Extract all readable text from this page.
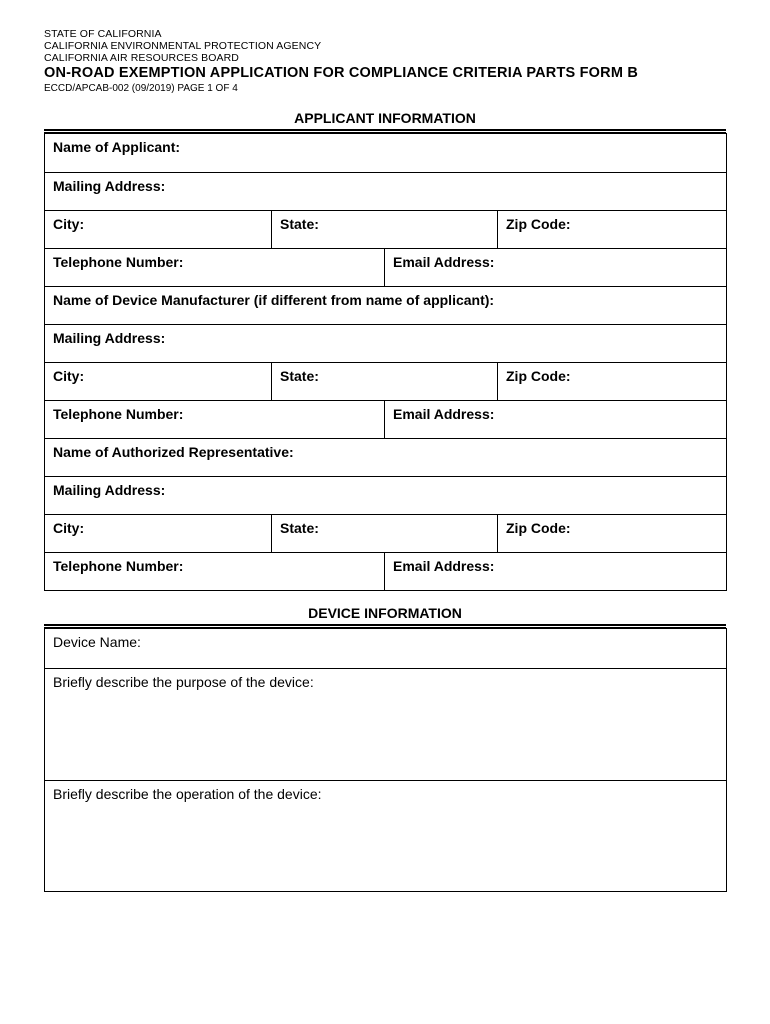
STATE OF CALIFORNIA
CALIFORNIA ENVIRONMENTAL PROTECTION AGENCY
CALIFORNIA AIR RESOURCES BOARD
ON-ROAD EXEMPTION APPLICATION FOR COMPLIANCE CRITERIA PARTS FORM B
ECCD/APCAB-002 (09/2019) PAGE 1 OF 4
APPLICANT INFORMATION
Name of Applicant:			
Mailing Address:			
City:	State:		Zip Code:
Telephone Number:		Email Address:	
Name of Device Manufacturer (if different from name of applicant):			
Mailing Address:			
City:	State:		Zip Code:
Telephone Number:		Email Address:	
Name of Authorized Representative:			
Mailing Address:			
City:	State:		Zip Code:
Telephone Number:		Email Address:	
DEVICE INFORMATION
Device Name:
Briefly describe the purpose of the device:
Briefly describe the operation of the device:
